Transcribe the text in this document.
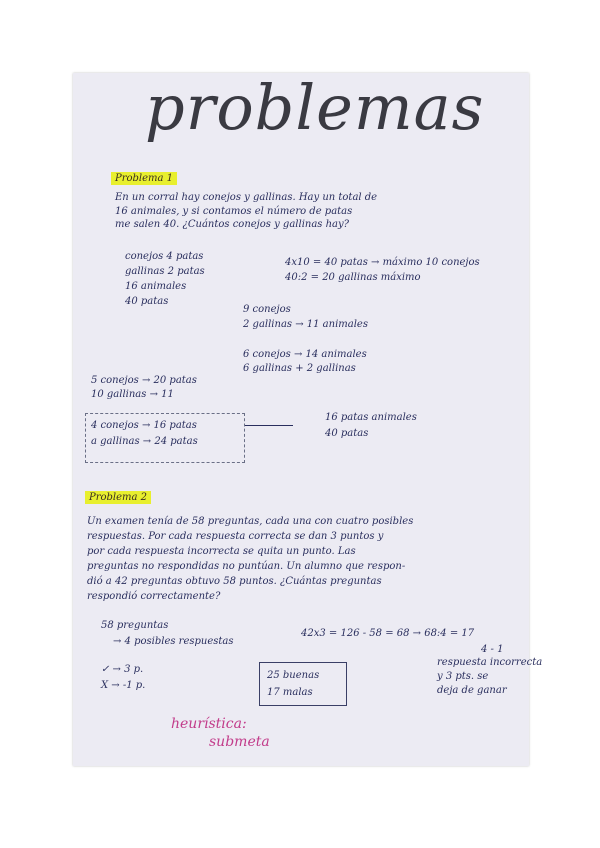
problemas
Problema 1
En un corral hay conejos y gallinas. Hay un total de
16 animales, y si contamos el número de patas
me salen 40. ¿Cuántos conejos y gallinas hay?
conejos 4 patas
gallinas 2 patas
16 animales
40 patas
4x10 = 40 patas → máximo 10 conejos
40:2 = 20 gallinas máximo
9 conejos
2 gallinas → 11 animales
6 conejos → 14 animales
6 gallinas + 2 gallinas
5 conejos → 20 patas
10 gallinas → 11
4 conejos → 16 patas
a gallinas → 24 patas
16 patas animales
40 patas
Problema 2
Un examen tenía de 58 preguntas, cada una con cuatro posibles
respuestas. Por cada respuesta correcta se dan 3 puntos y
por cada respuesta incorrecta se quita un punto. Las
preguntas no respondidas no puntúan. Un alumno que respon-
dió a 42 preguntas obtuvo 58 puntos. ¿Cuántas preguntas
respondió correctamente?
58 preguntas
→ 4 posibles respuestas
✓ → 3 p.
X → -1 p.
42x3 = 126 - 58 = 68 → 68:4 = 17
4 - 1
25 buenas
17 malas
respuesta incorrecta
y 3 pts. se
deja de ganar
heurística:
submeta
